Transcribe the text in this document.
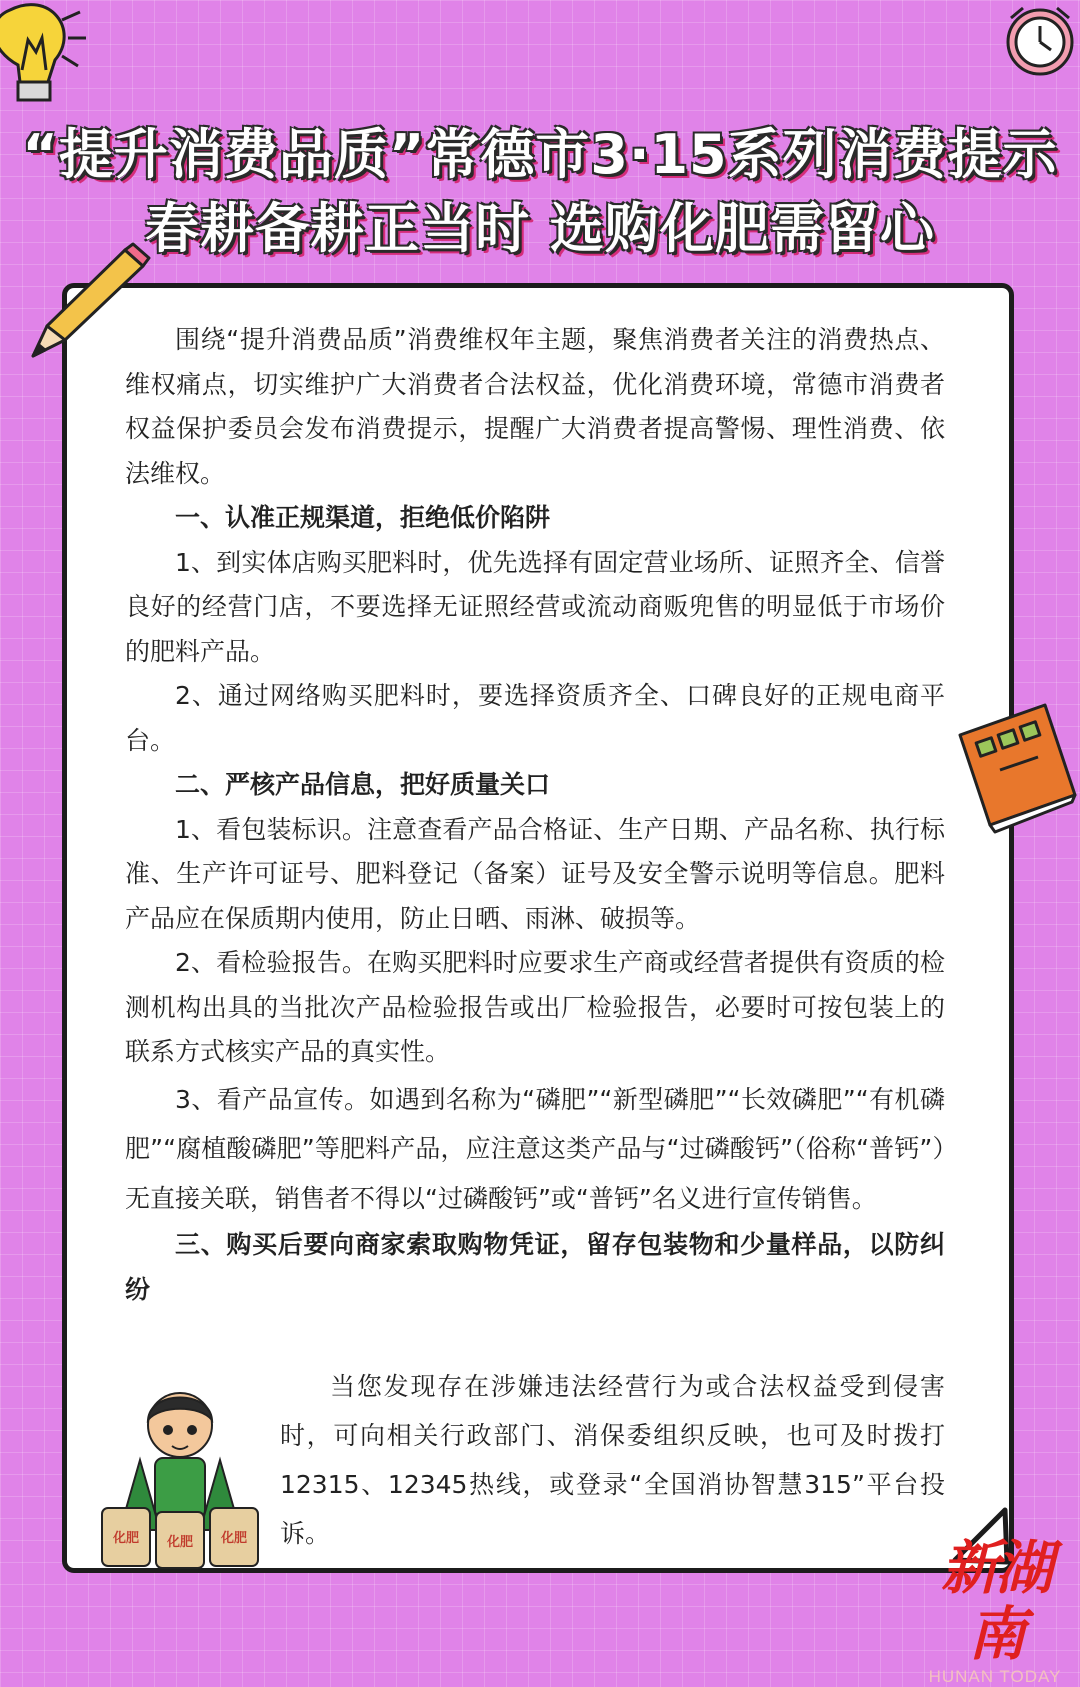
“提升消费品质”常德市3·15系列消费提示
春耕备耕正当时 选购化肥需留心

围绕“提升消费品质”消费维权年主题，聚焦消费者关注的消费热点、维权痛点，切实维护广大消费者合法权益，优化消费环境，常德市消费者权益保护委员会发布消费提示，提醒广大消费者提高警惕、理性消费、依法维权。

一、认准正规渠道，拒绝低价陷阱

1、到实体店购买肥料时，优先选择有固定营业场所、证照齐全、信誉良好的经营门店，不要选择无证照经营或流动商贩兜售的明显低于市场价的肥料产品。

2、通过网络购买肥料时，要选择资质齐全、口碑良好的正规电商平台。

二、严核产品信息，把好质量关口

1、看包装标识。注意查看产品合格证、生产日期、产品名称、执行标准、生产许可证号、肥料登记（备案）证号及安全警示说明等信息。肥料产品应在保质期内使用，防止日晒、雨淋、破损等。

2、看检验报告。在购买肥料时应要求生产商或经营者提供有资质的检测机构出具的当批次产品检验报告或出厂检验报告，必要时可按包装上的联系方式核实产品的真实性。

3、看产品宣传。如遇到名称为“磷肥”“新型磷肥”“长效磷肥”“有机磷肥”“腐植酸磷肥”等肥料产品，应注意这类产品与“过磷酸钙”（俗称“普钙”）无直接关联，销售者不得以“过磷酸钙”或“普钙”名义进行宣传销售。

三、购买后要向商家索取购物凭证，留存包装物和少量样品，以防纠纷

当您发现存在涉嫌违法经营行为或合法权益受到侵害时，可向相关行政部门、消保委组织反映，也可及时拨打12315、12345热线，或登录“全国消协智慧315”平台投诉。

化肥 化肥 化肥	新湖南
HUNAN TODAY
